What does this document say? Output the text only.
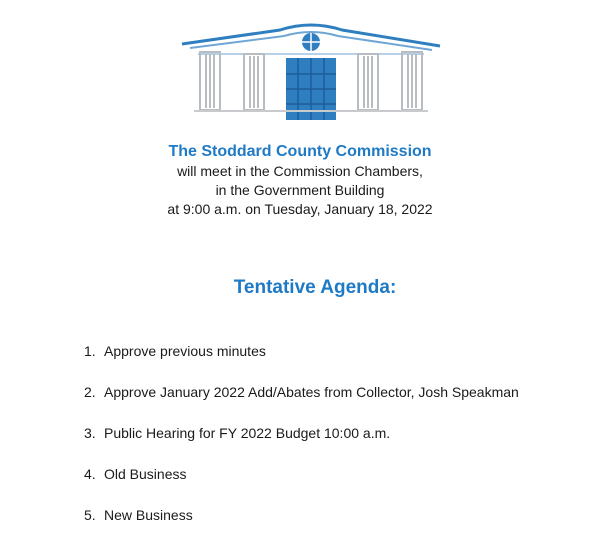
The Stoddard County Commission

will meet in the Commission Chambers,

in the Government Building

at 9:00 a.m. on Tuesday, January 18, 2022

Tentative Agenda:
1. Approve previous minutes
2. Approve January 2022 Add/Abates from Collector, Josh Speakman
3. Public Hearing for FY 2022 Budget 10:00 a.m.
4. Old Business
5. New Business
